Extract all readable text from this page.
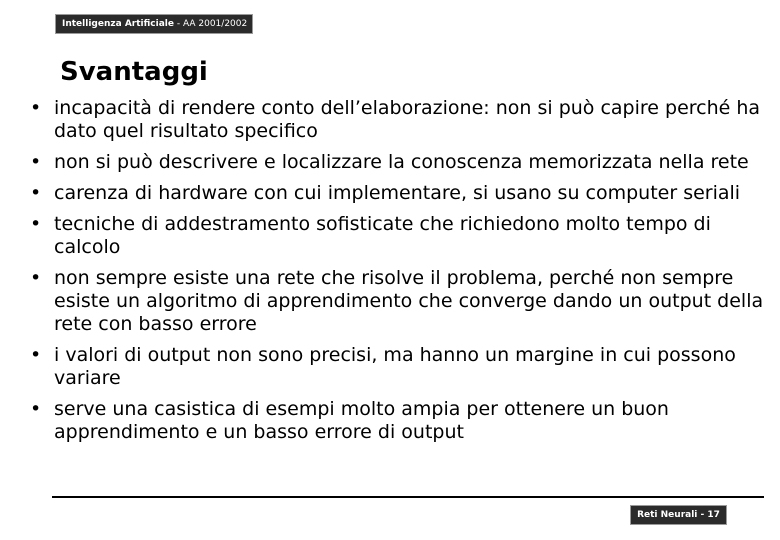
Intelligenza Artificiale - AA 2001/2002
Svantaggi
• incapacità di rendere conto dell’elaborazione: non si può capire perché ha dato quel risultato specifico
• non si può descrivere e localizzare la conoscenza memorizzata nella rete
• carenza di hardware con cui implementare, si usano su computer seriali
• tecniche di addestramento sofisticate che richiedono molto tempo di calcolo
• non sempre esiste una rete che risolve il problema, perché non sempre esiste un algoritmo di apprendimento che converge dando un output della rete con basso errore
• i valori di output non sono precisi, ma hanno un margine in cui possono variare
• serve una casistica di esempi molto ampia per ottenere un buon apprendimento e un basso errore di output
Reti Neurali - 17
